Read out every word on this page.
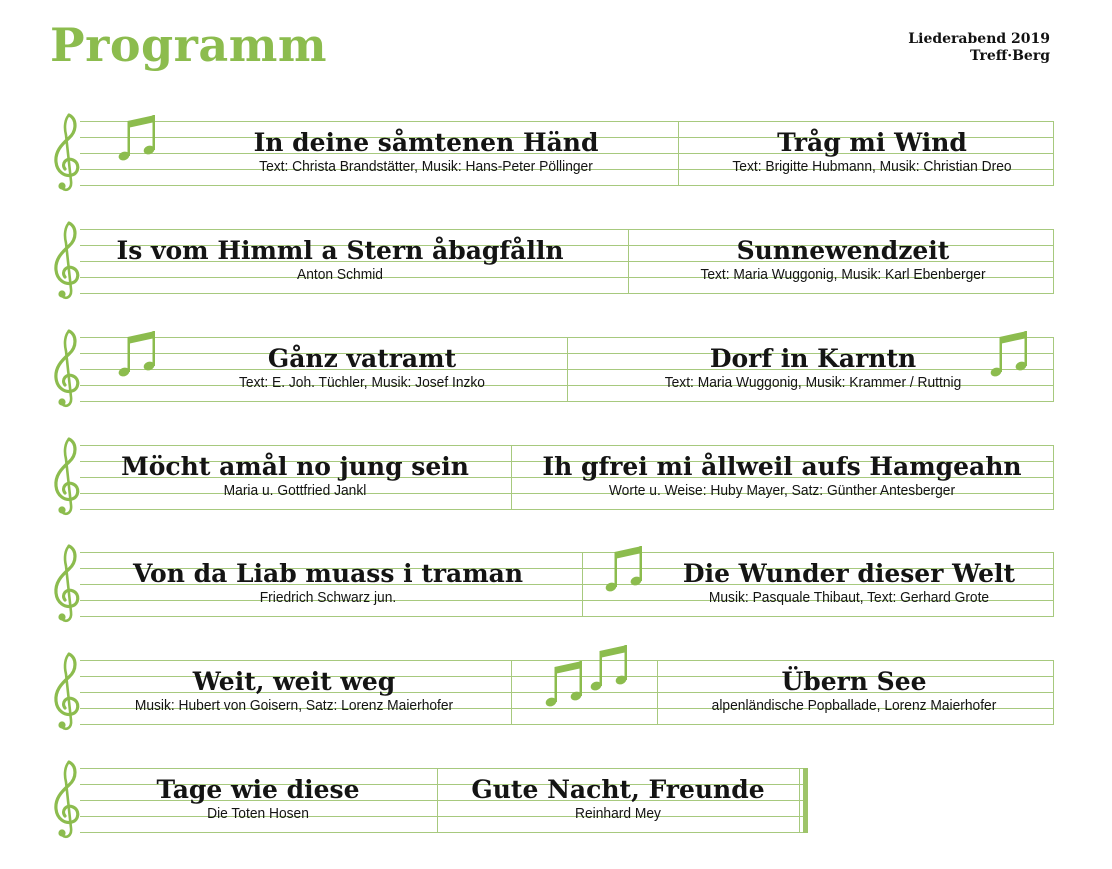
Programm	Liederabend 2019
Treff·Berg
In deine såmtenen Händ
Text: Christa Brandstätter, Musik: Hans-Peter Pöllinger
Tråg mi Wind
Text: Brigitte Hubmann, Musik: Christian Dreo
Is vom Himml a Stern åbagfålln
Anton Schmid
Sunnewendzeit
Text: Maria Wuggonig, Musik: Karl Ebenberger
Gånz vatramt
Text: E. Joh. Tüchler, Musik: Josef Inzko
Dorf in Karntn
Text: Maria Wuggonig, Musik: Krammer / Ruttnig
Möcht amål no jung sein
Maria u. Gottfried Jankl
Ih gfrei mi ållweil aufs Hamgeahn
Worte u. Weise: Huby Mayer, Satz: Günther Antesberger
Von da Liab muass i traman
Friedrich Schwarz jun.
Die Wunder dieser Welt
Musik: Pasquale Thibaut, Text: Gerhard Grote
Weit, weit weg
Musik: Hubert von Goisern, Satz: Lorenz Maierhofer
Übern See
alpenländische Popballade, Lorenz Maierhofer
Tage wie diese
Die Toten Hosen
Gute Nacht, Freunde
Reinhard Mey
